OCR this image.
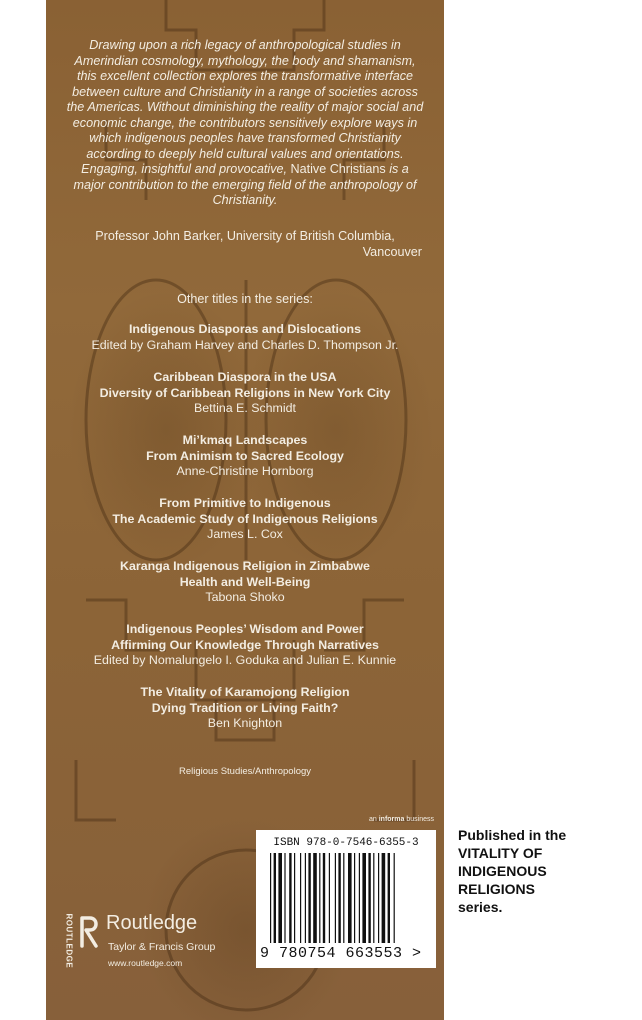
Drawing upon a rich legacy of anthropological studies in Amerindian cosmology, mythology, the body and shamanism, this excellent collection explores the transformative interface between culture and Christianity in a range of societies across the Americas. Without diminishing the reality of major social and economic change, the contributors sensitively explore ways in which indigenous peoples have transformed Christianity according to deeply held cultural values and orientations. Engaging, insightful and provocative, Native Christians is a major contribution to the emerging field of the anthropology of Christianity.
Professor John Barker, University of British Columbia,
Vancouver
Other titles in the series:
Indigenous Diasporas and Dislocations
Edited by Graham Harvey and Charles D. Thompson Jr.
Caribbean Diaspora in the USA
Diversity of Caribbean Religions in New York City
Bettina E. Schmidt
Mi’kmaq Landscapes
From Animism to Sacred Ecology
Anne-Christine Hornborg
From Primitive to Indigenous
The Academic Study of Indigenous Religions
James L. Cox
Karanga Indigenous Religion in Zimbabwe
Health and Well-Being
Tabona Shoko
Indigenous Peoples’ Wisdom and Power
Affirming Our Knowledge Through Narratives
Edited by Nomalungelo I. Goduka and Julian E. Kunnie
The Vitality of Karamojong Religion
Dying Tradition or Living Faith?
Ben Knighton
Religious Studies/Anthropology
an informa business
ISBN 978-0-7546-6355-3
9 780754 663553 >
ROUTLEDGE Routledge
Taylor & Francis Group
www.routledge.com
Published in the
VITALITY OF
INDIGENOUS
RELIGIONS
series.
